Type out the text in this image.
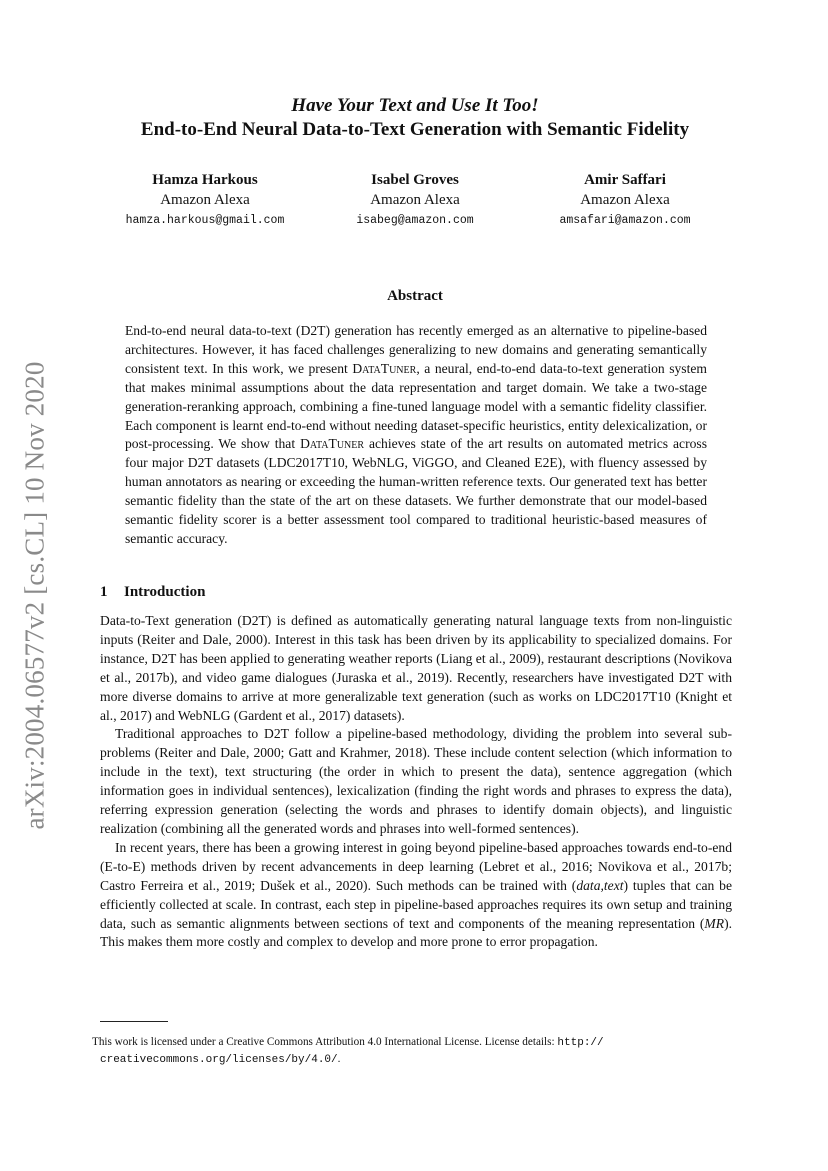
arXiv:2004.06577v2 [cs.CL] 10 Nov 2020
Have Your Text and Use It Too!
End-to-End Neural Data-to-Text Generation with Semantic Fidelity
Hamza Harkous
Amazon Alexa
hamza.harkous@gmail.com
Isabel Groves
Amazon Alexa
isabeg@amazon.com
Amir Saffari
Amazon Alexa
amsafari@amazon.com
Abstract
End-to-end neural data-to-text (D2T) generation has recently emerged as an alternative to pipeline-based architectures. However, it has faced challenges generalizing to new domains and generating semantically consistent text. In this work, we present DataTuner, a neural, end-to-end data-to-text generation system that makes minimal assumptions about the data representation and target domain. We take a two-stage generation-reranking approach, combining a fine-tuned language model with a semantic fidelity classifier. Each component is learnt end-to-end without needing dataset-specific heuristics, entity delexicalization, or post-processing. We show that DataTuner achieves state of the art results on automated metrics across four major D2T datasets (LDC2017T10, WebNLG, ViGGO, and Cleaned E2E), with fluency assessed by human annotators as nearing or exceeding the human-written reference texts. Our generated text has better semantic fidelity than the state of the art on these datasets. We further demonstrate that our model-based semantic fidelity scorer is a better assessment tool compared to traditional heuristic-based measures of semantic accuracy.
1 Introduction

Data-to-Text generation (D2T) is defined as automatically generating natural language texts from non-linguistic inputs (Reiter and Dale, 2000). Interest in this task has been driven by its applicability to specialized domains. For instance, D2T has been applied to generating weather reports (Liang et al., 2009), restaurant descriptions (Novikova et al., 2017b), and video game dialogues (Juraska et al., 2019). Recently, researchers have investigated D2T with more diverse domains to arrive at more generalizable text generation (such as works on LDC2017T10 (Knight et al., 2017) and WebNLG (Gardent et al., 2017) datasets).

Traditional approaches to D2T follow a pipeline-based methodology, dividing the problem into several sub-problems (Reiter and Dale, 2000; Gatt and Krahmer, 2018). These include content selection (which information to include in the text), text structuring (the order in which to present the data), sentence aggregation (which information goes in individual sentences), lexicalization (finding the right words and phrases to express the data), referring expression generation (selecting the words and phrases to identify domain objects), and linguistic realization (combining all the generated words and phrases into well-formed sentences).

In recent years, there has been a growing interest in going beyond pipeline-based approaches towards end-to-end (E-to-E) methods driven by recent advancements in deep learning (Lebret et al., 2016; Novikova et al., 2017b; Castro Ferreira et al., 2019; Dušek et al., 2020). Such methods can be trained with (data,text) tuples that can be efficiently collected at scale. In contrast, each step in pipeline-based approaches requires its own setup and training data, such as semantic alignments between sections of text and components of the meaning representation (MR). This makes them more costly and complex to develop and more prone to error propagation.

This work is licensed under a Creative Commons Attribution 4.0 International License. License details: http://
creativecommons.org/licenses/by/4.0/.
